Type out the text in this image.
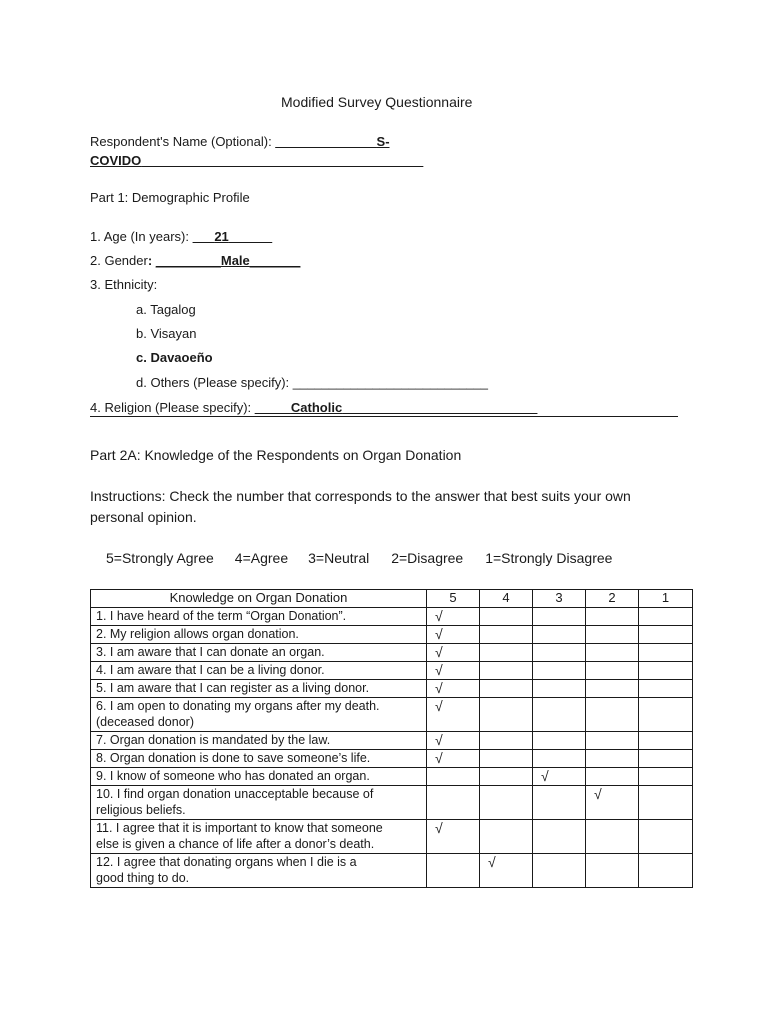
Modified Survey Questionnaire
Respondent's Name (Optional): ______________S-
COVIDO_______________________________________
Part 1: Demographic Profile
1. Age (In years): ___21______
2. Gender: _________Male_______
3. Ethnicity:
a. Tagalog
b. Visayan
c. Davaoeño
d. Others (Please specify): ___________________________
4. Religion (Please specify): _____Catholic___________________________
Part 2A: Knowledge of the Respondents on Organ Donation
Instructions: Check the number that corresponds to the answer that best suits your own
personal opinion.
5=Strongly Agree 4=Agree 3=Neutral 2=Disagree 1=Strongly Disagree
Knowledge on Organ Donation	5	4	3	2	1

1. I have heard of the term “Organ Donation”.	√				

2. My religion allows organ donation.	√				

3. I am aware that I can donate an organ.	√				

4. I am aware that I can be a living donor.	√				

5. I am aware that I can register as a living donor.	√				

6. I am open to donating my organs after my death.
(deceased donor)	√				

7. Organ donation is mandated by the law.	√				

8. Organ donation is done to save someone’s life.	√				

9. I know of someone who has donated an organ.			√		

10. I find organ donation unacceptable because of
religious beliefs.				√	

11. I agree that it is important to know that someone
else is given a chance of life after a donor’s death.	√				

12. I agree that donating organs when I die is a
good thing to do.		√			
